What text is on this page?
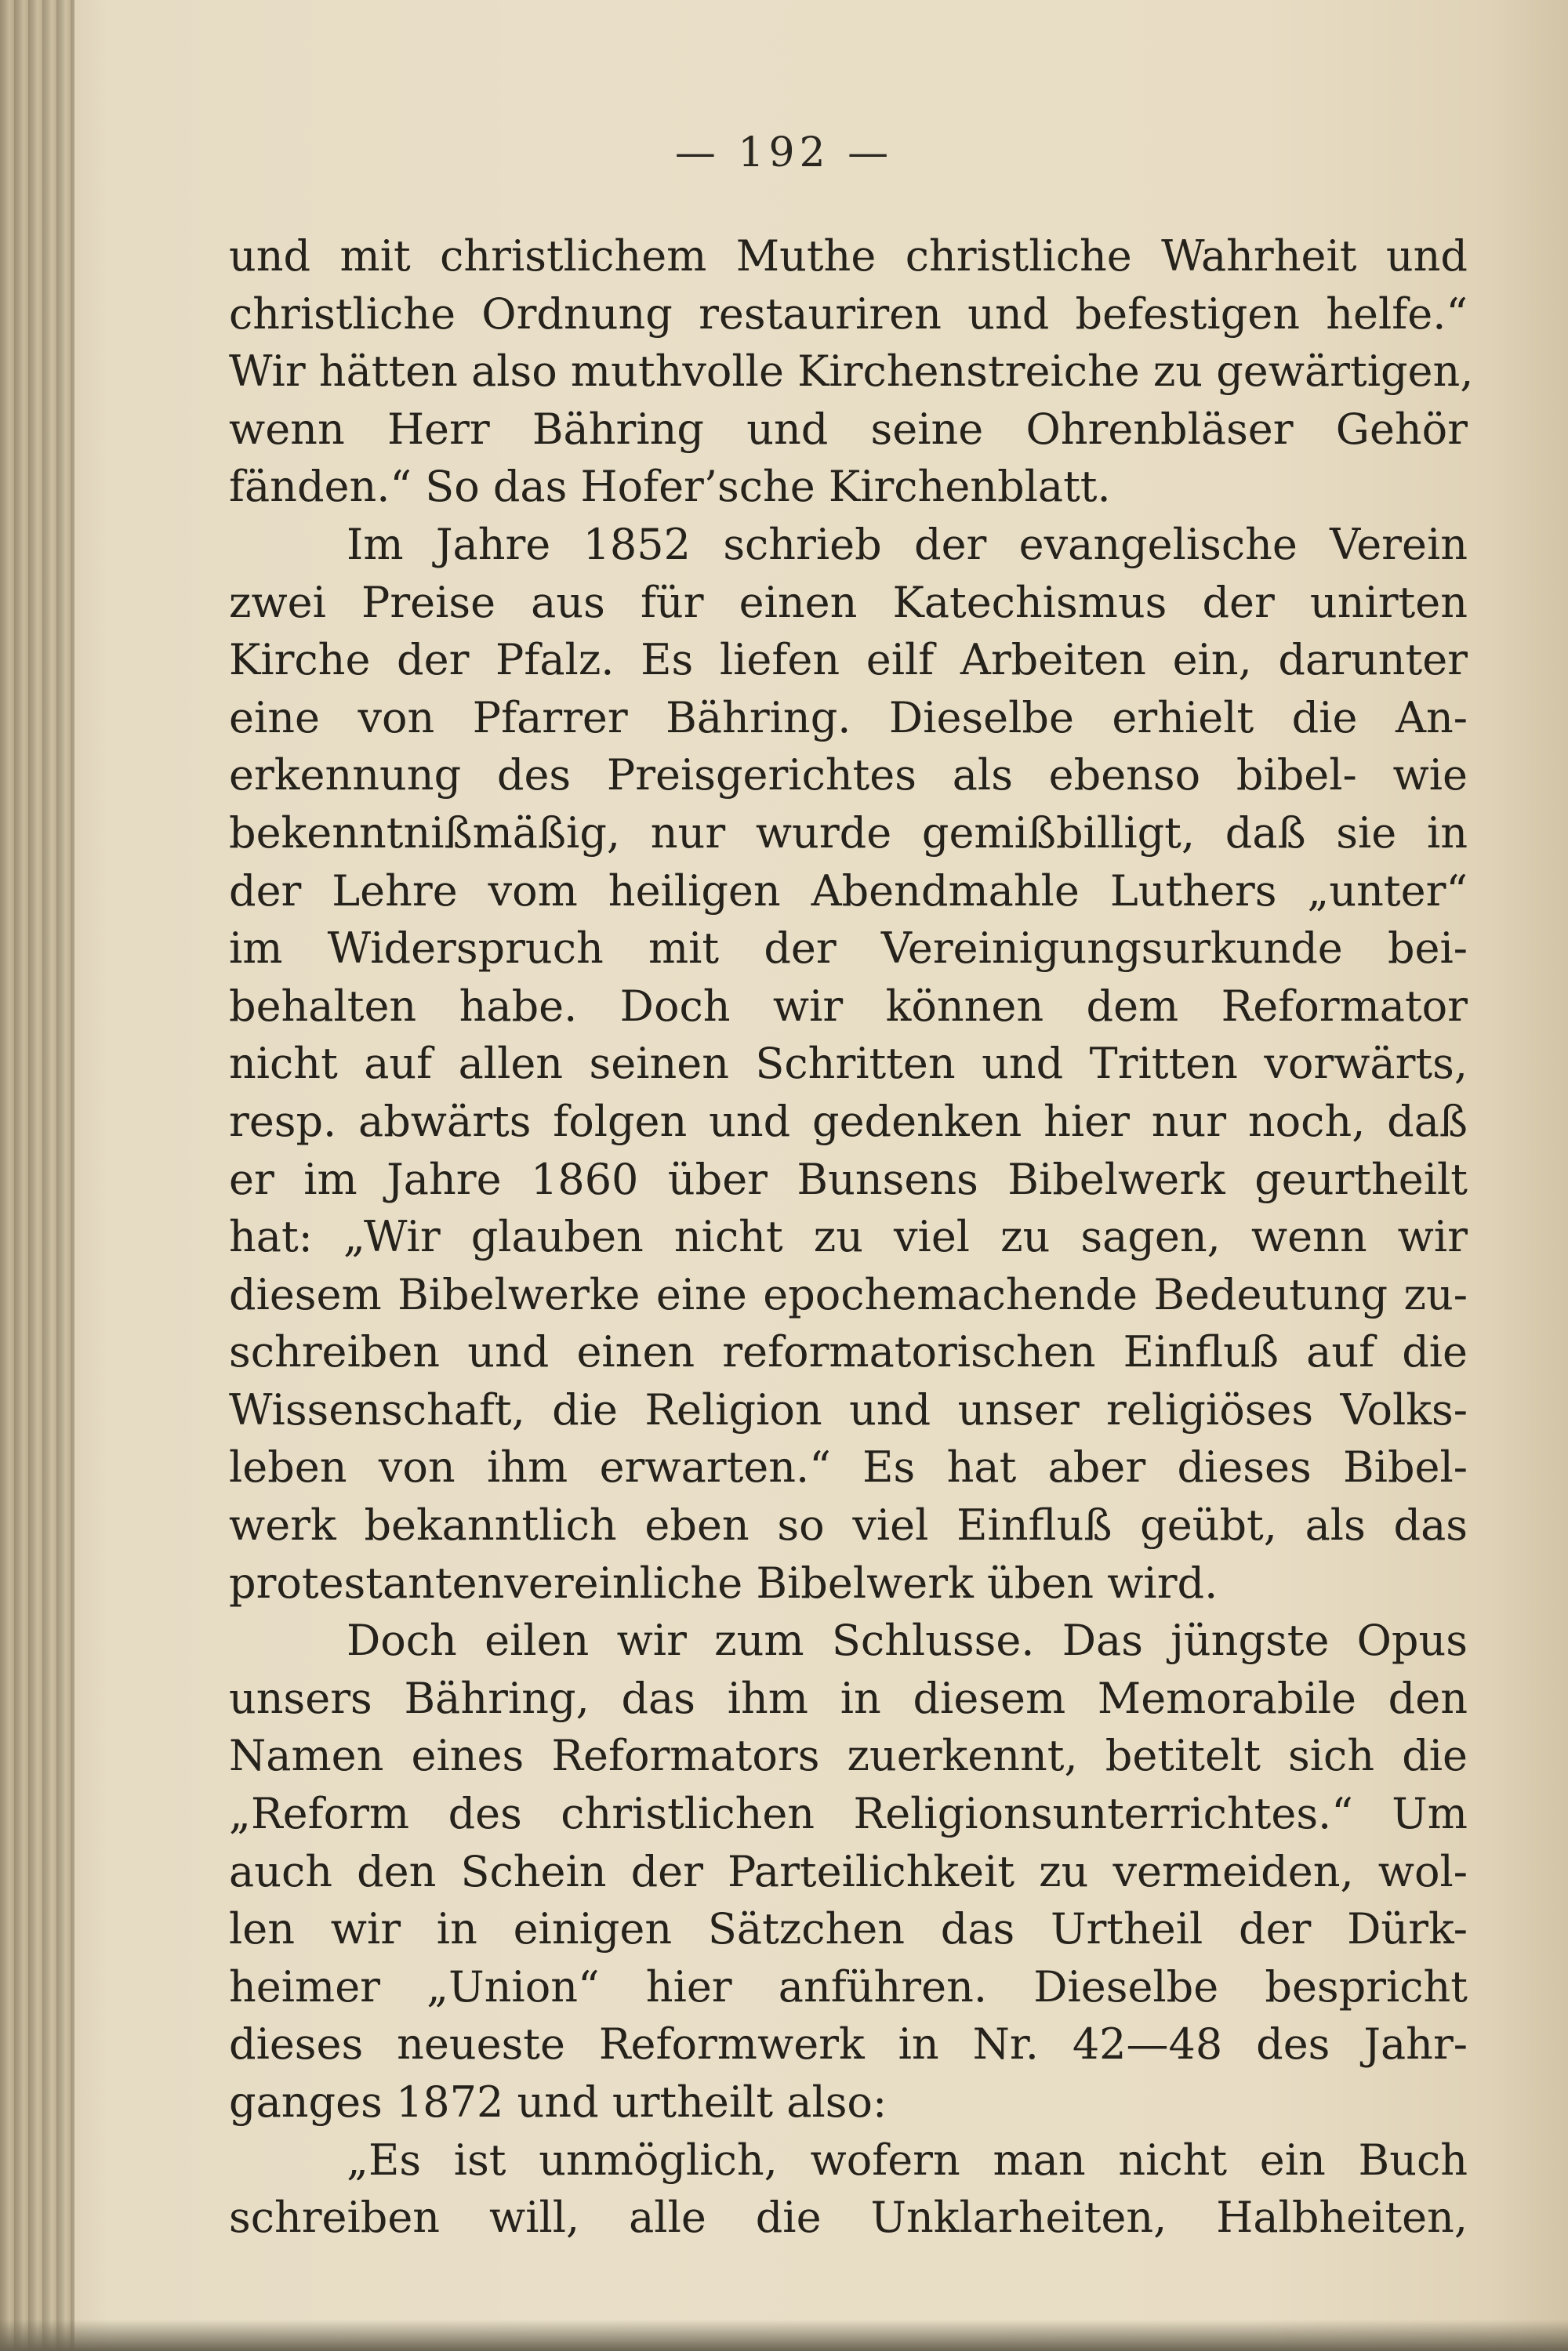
— 192 —
und mit christlichem Muthe christliche Wahrheit und
christliche Ordnung restauriren und befestigen helfe.“
Wir hätten also muthvolle Kirchenstreiche zu gewärtigen,
wenn Herr Bähring und seine Ohrenbläser Gehör
fänden.“ So das Hofer’sche Kirchenblatt.
Im Jahre 1852 schrieb der evangelische Verein
zwei Preise aus für einen Katechismus der unirten
Kirche der Pfalz. Es liefen eilf Arbeiten ein, darunter
eine von Pfarrer Bähring. Dieselbe erhielt die An-
erkennung des Preisgerichtes als ebenso bibel- wie
bekenntnißmäßig, nur wurde gemißbilligt, daß sie in
der Lehre vom heiligen Abendmahle Luthers „unter“
im Widerspruch mit der Vereinigungsurkunde bei-
behalten habe. Doch wir können dem Reformator
nicht auf allen seinen Schritten und Tritten vorwärts,
resp. abwärts folgen und gedenken hier nur noch, daß
er im Jahre 1860 über Bunsens Bibelwerk geurtheilt
hat: „Wir glauben nicht zu viel zu sagen, wenn wir
diesem Bibelwerke eine epochemachende Bedeutung zu-
schreiben und einen reformatorischen Einfluß auf die
Wissenschaft, die Religion und unser religiöses Volks-
leben von ihm erwarten.“ Es hat aber dieses Bibel-
werk bekanntlich eben so viel Einfluß geübt, als das
protestantenvereinliche Bibelwerk üben wird.
Doch eilen wir zum Schlusse. Das jüngste Opus
unsers Bähring, das ihm in diesem Memorabile den
Namen eines Reformators zuerkennt, betitelt sich die
„Reform des christlichen Religionsunterrichtes.“ Um
auch den Schein der Parteilichkeit zu vermeiden, wol-
len wir in einigen Sätzchen das Urtheil der Dürk-
heimer „Union“ hier anführen. Dieselbe bespricht
dieses neueste Reformwerk in Nr. 42—48 des Jahr-
ganges 1872 und urtheilt also:
„Es ist unmöglich, wofern man nicht ein Buch
schreiben will, alle die Unklarheiten, Halbheiten,
